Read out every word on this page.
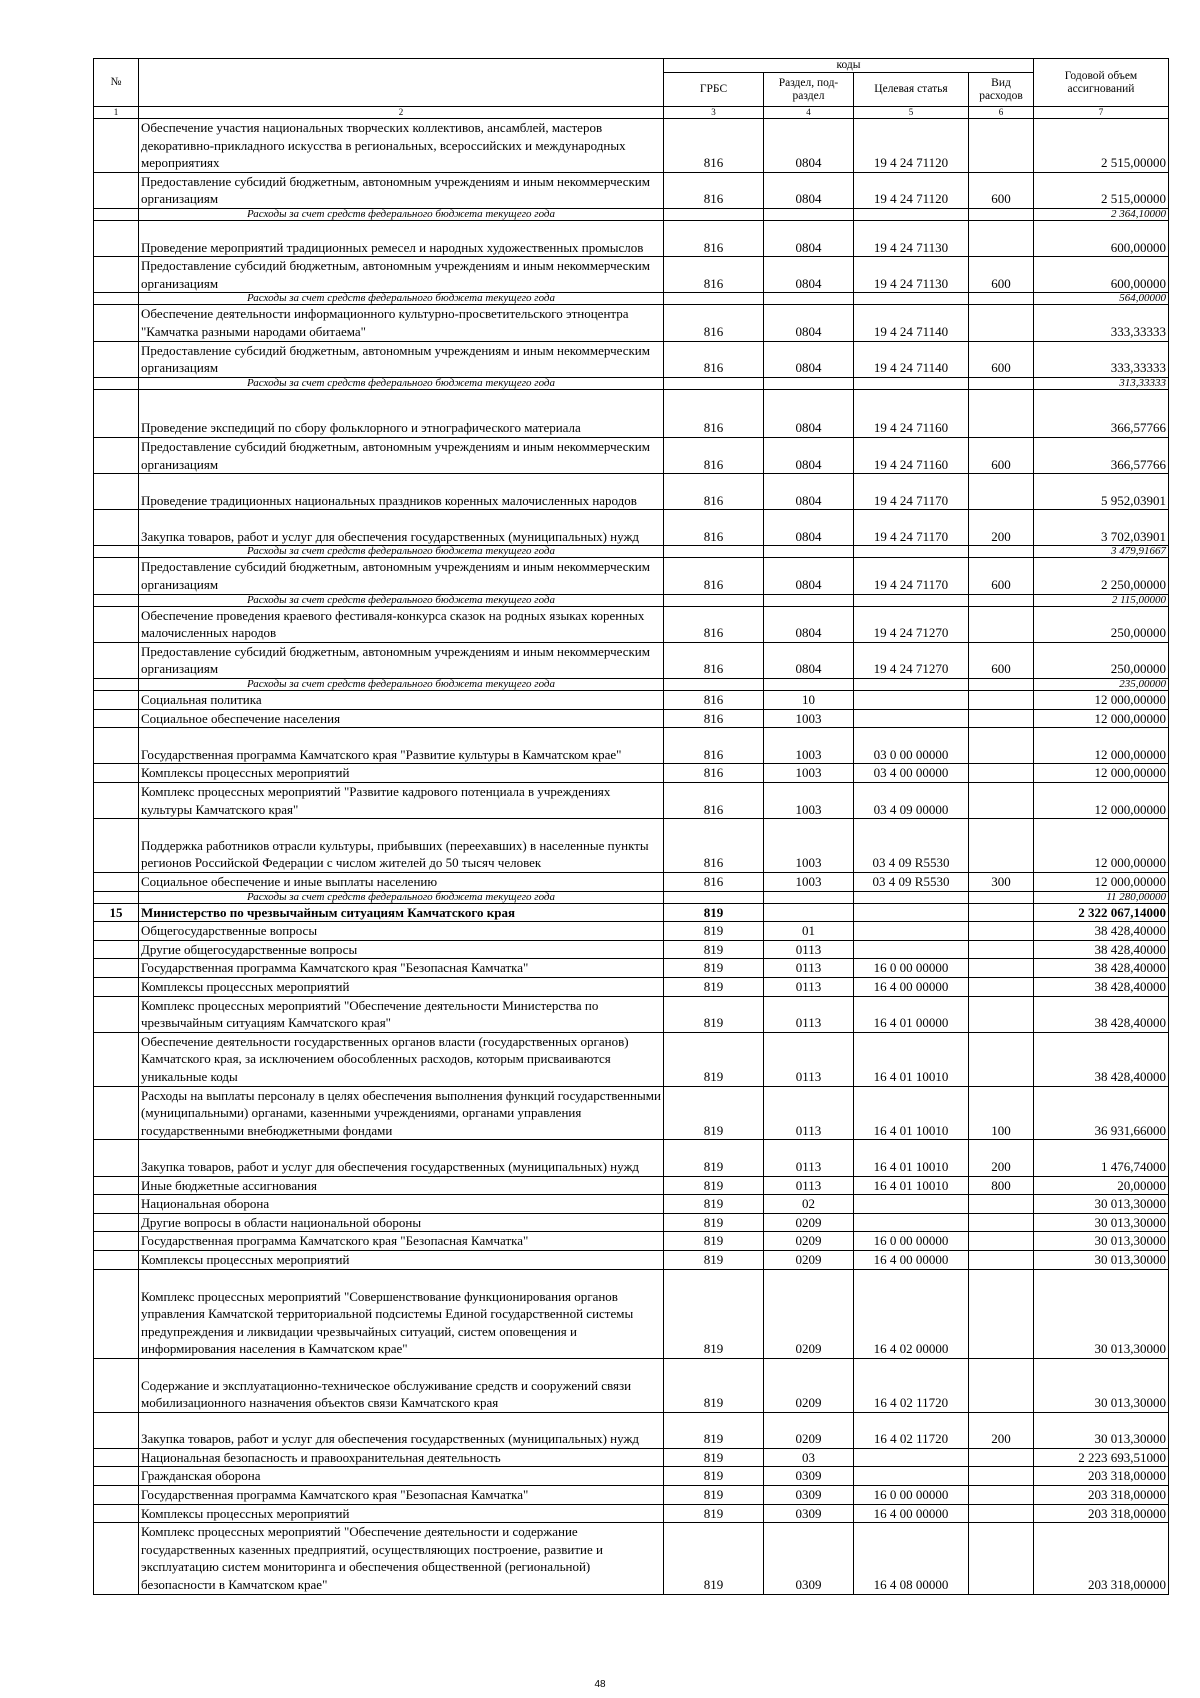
№		коды				Годовой объем ассигнований
		ГРБС	Раздел, под-раздел	Целевая статья	Вид расходов	
1	2	3	4	5	6	7
	Обеспечение участия национальных творческих коллективов, ансамблей, мастеров декоративно-прикладного искусства в региональных, всероссийских и международных мероприятиях	816	0804	19 4 24 71120		2 515,00000
	Предоставление субсидий бюджетным, автономным учреждениям и иным некоммерческим организациям	816	0804	19 4 24 71120	600	2 515,00000
	Расходы за счет средств федерального бюджета текущего года					2 364,10000
	Проведение мероприятий традиционных ремесел и народных художественных промыслов	816	0804	19 4 24 71130		600,00000
	Предоставление субсидий бюджетным, автономным учреждениям и иным некоммерческим организациям	816	0804	19 4 24 71130	600	600,00000
	Расходы за счет средств федерального бюджета текущего года					564,00000
	Обеспечение деятельности информационного культурно-просветительского этноцентра "Камчатка разными народами обитаема"	816	0804	19 4 24 71140		333,33333
	Предоставление субсидий бюджетным, автономным учреждениям и иным некоммерческим организациям	816	0804	19 4 24 71140	600	333,33333
	Расходы за счет средств федерального бюджета текущего года					313,33333
	Проведение экспедиций по сбору фольклорного и этнографического материала	816	0804	19 4 24 71160		366,57766
	Предоставление субсидий бюджетным, автономным учреждениям и иным некоммерческим организациям	816	0804	19 4 24 71160	600	366,57766
	Проведение традиционных национальных праздников коренных малочисленных народов	816	0804	19 4 24 71170		5 952,03901
	Закупка товаров, работ и услуг для обеспечения государственных (муниципальных) нужд	816	0804	19 4 24 71170	200	3 702,03901
	Расходы за счет средств федерального бюджета текущего года					3 479,91667
	Предоставление субсидий бюджетным, автономным учреждениям и иным некоммерческим организациям	816	0804	19 4 24 71170	600	2 250,00000
	Расходы за счет средств федерального бюджета текущего года					2 115,00000
	Обеспечение проведения краевого фестиваля-конкурса сказок на родных языках коренных малочисленных народов	816	0804	19 4 24 71270		250,00000
	Предоставление субсидий бюджетным, автономным учреждениям и иным некоммерческим организациям	816	0804	19 4 24 71270	600	250,00000
	Расходы за счет средств федерального бюджета текущего года					235,00000
	Социальная политика	816	10			12 000,00000
	Социальное обеспечение населения	816	1003			12 000,00000
	Государственная программа Камчатского края "Развитие культуры в Камчатском крае"	816	1003	03 0 00 00000		12 000,00000
	Комплексы процессных мероприятий	816	1003	03 4 00 00000		12 000,00000
	Комплекс процессных мероприятий "Развитие кадрового потенциала в учреждениях культуры Камчатского края"	816	1003	03 4 09 00000		12 000,00000
	Поддержка работников отрасли культуры, прибывших (переехавших) в населенные пункты регионов Российской Федерации с числом жителей до 50 тысяч человек	816	1003	03 4 09 R5530		12 000,00000
	Социальное обеспечение и иные выплаты населению	816	1003	03 4 09 R5530	300	12 000,00000
	Расходы за счет средств федерального бюджета текущего года					11 280,00000
15	Министерство по чрезвычайным ситуациям Камчатского края	819				2 322 067,14000
	Общегосударственные вопросы	819	01			38 428,40000
	Другие общегосударственные вопросы	819	0113			38 428,40000
	Государственная программа Камчатского края "Безопасная Камчатка"	819	0113	16 0 00 00000		38 428,40000
	Комплексы процессных мероприятий	819	0113	16 4 00 00000		38 428,40000
	Комплекс процессных мероприятий "Обеспечение деятельности Министерства по чрезвычайным ситуациям Камчатского края"	819	0113	16 4 01 00000		38 428,40000
	Обеспечение деятельности государственных органов власти (государственных органов) Камчатского края, за исключением обособленных расходов, которым присваиваются уникальные коды	819	0113	16 4 01 10010		38 428,40000
	Расходы на выплаты персоналу в целях обеспечения выполнения функций государственными (муниципальными) органами, казенными учреждениями, органами управления государственными внебюджетными фондами	819	0113	16 4 01 10010	100	36 931,66000
	Закупка товаров, работ и услуг для обеспечения государственных (муниципальных) нужд	819	0113	16 4 01 10010	200	1 476,74000
	Иные бюджетные ассигнования	819	0113	16 4 01 10010	800	20,00000
	Национальная оборона	819	02			30 013,30000
	Другие вопросы в области национальной обороны	819	0209			30 013,30000
	Государственная программа Камчатского края "Безопасная Камчатка"	819	0209	16 0 00 00000		30 013,30000
	Комплексы процессных мероприятий	819	0209	16 4 00 00000		30 013,30000
	Комплекс процессных мероприятий "Совершенствование функционирования органов управления Камчатской территориальной подсистемы Единой государственной системы предупреждения и ликвидации чрезвычайных ситуаций, систем оповещения и информирования населения в Камчатском крае"	819	0209	16 4 02 00000		30 013,30000
	Содержание и эксплуатационно-техническое обслуживание средств и сооружений связи мобилизационного назначения объектов связи Камчатского края	819	0209	16 4 02 11720		30 013,30000
	Закупка товаров, работ и услуг для обеспечения государственных (муниципальных) нужд	819	0209	16 4 02 11720	200	30 013,30000
	Национальная безопасность и правоохранительная деятельность	819	03			2 223 693,51000
	Гражданская оборона	819	0309			203 318,00000
	Государственная программа Камчатского края "Безопасная Камчатка"	819	0309	16 0 00 00000		203 318,00000
	Комплексы процессных мероприятий	819	0309	16 4 00 00000		203 318,00000
	Комплекс процессных мероприятий "Обеспечение деятельности и содержание государственных казенных предприятий, осуществляющих построение, развитие и эксплуатацию систем мониторинга и обеспечения общественной (региональной) безопасности в Камчатском крае"	819	0309	16 4 08 00000		203 318,00000
48
